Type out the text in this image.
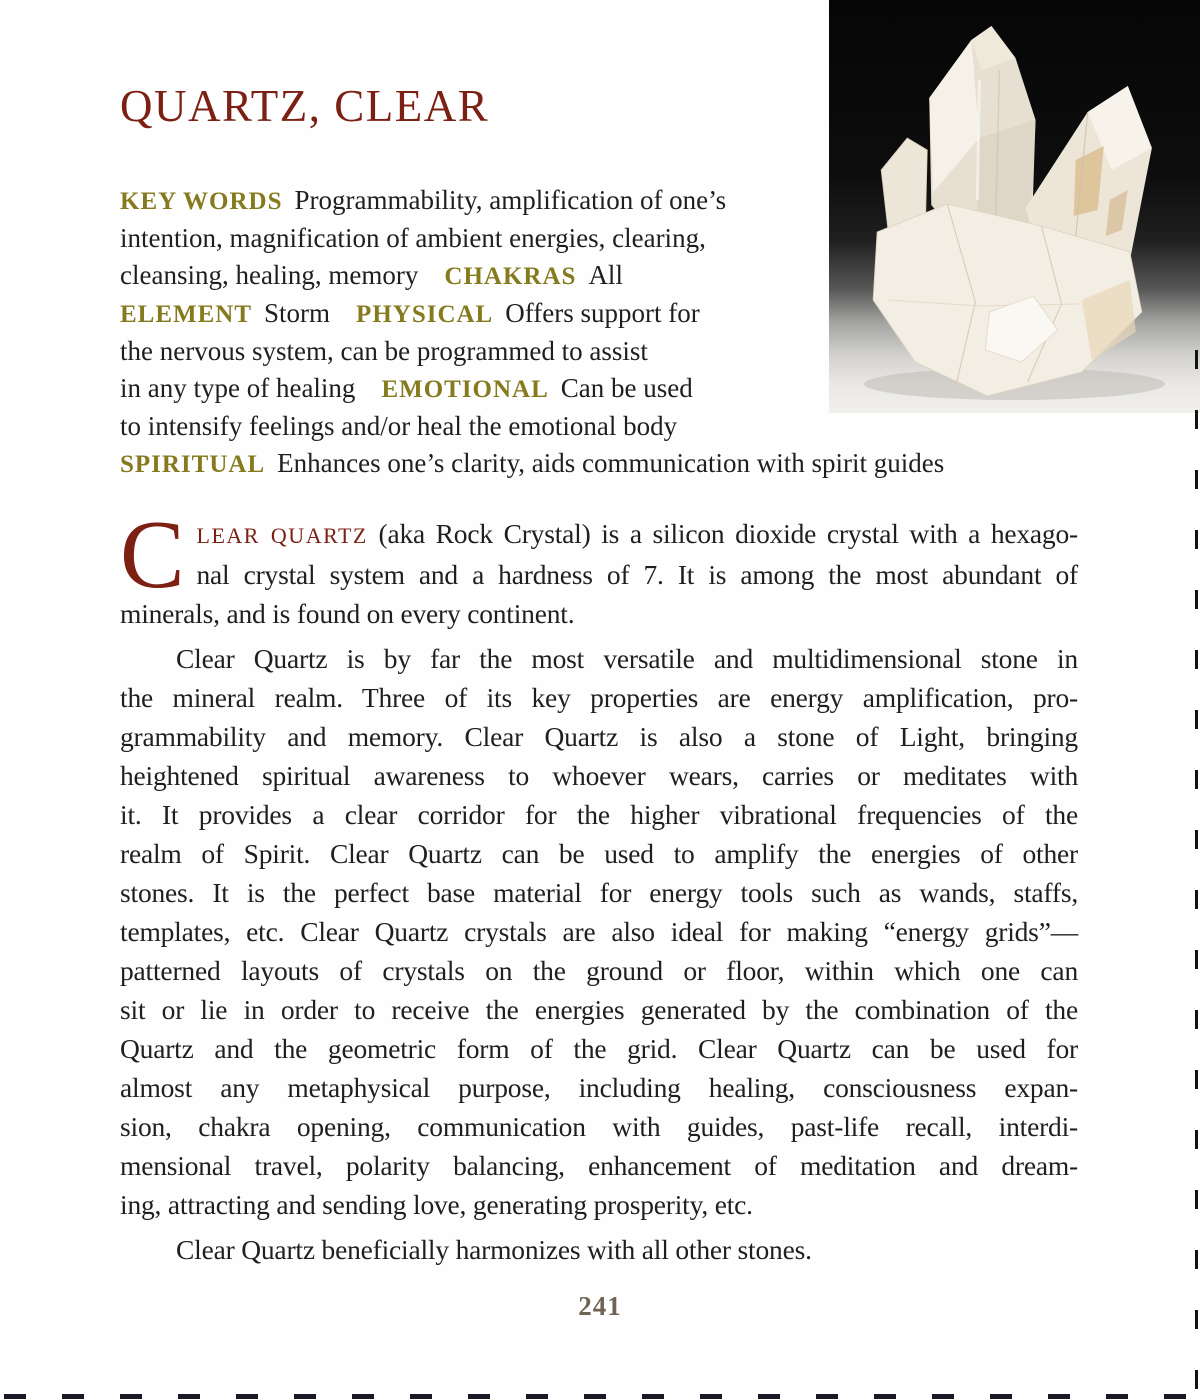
QUARTZ, CLEAR
KEY WORDS Programmability, amplification of one’s
intention, magnification of ambient energies, clearing,
cleansing, healing, memory CHAKRAS All
ELEMENT Storm PHYSICAL Offers support for
the nervous system, can be programmed to assist
in any type of healing EMOTIONAL Can be used
to intensify feelings and/or heal the emotional body
SPIRITUAL Enhances one’s clarity, aids communication with spirit guides
C LEAR QUARTZ (aka Rock Crystal) is a silicon dioxide crystal with a hexago-
nal crystal system and a hardness of 7. It is among the most abundant of
minerals, and is found on every continent.
Clear Quartz is by far the most versatile and multidimensional stone in
the mineral realm. Three of its key properties are energy amplification, pro-
grammability and memory. Clear Quartz is also a stone of Light, bringing
heightened spiritual awareness to whoever wears, carries or meditates with
it. It provides a clear corridor for the higher vibrational frequencies of the
realm of Spirit. Clear Quartz can be used to amplify the energies of other
stones. It is the perfect base material for energy tools such as wands, staffs,
templates, etc. Clear Quartz crystals are also ideal for making “energy grids”—
patterned layouts of crystals on the ground or floor, within which one can
sit or lie in order to receive the energies generated by the combination of the
Quartz and the geometric form of the grid. Clear Quartz can be used for
almost any metaphysical purpose, including healing, consciousness expan-
sion, chakra opening, communication with guides, past-life recall, interdi-
mensional travel, polarity balancing, enhancement of meditation and dream-
ing, attracting and sending love, generating prosperity, etc.
Clear Quartz beneficially harmonizes with all other stones.
241
